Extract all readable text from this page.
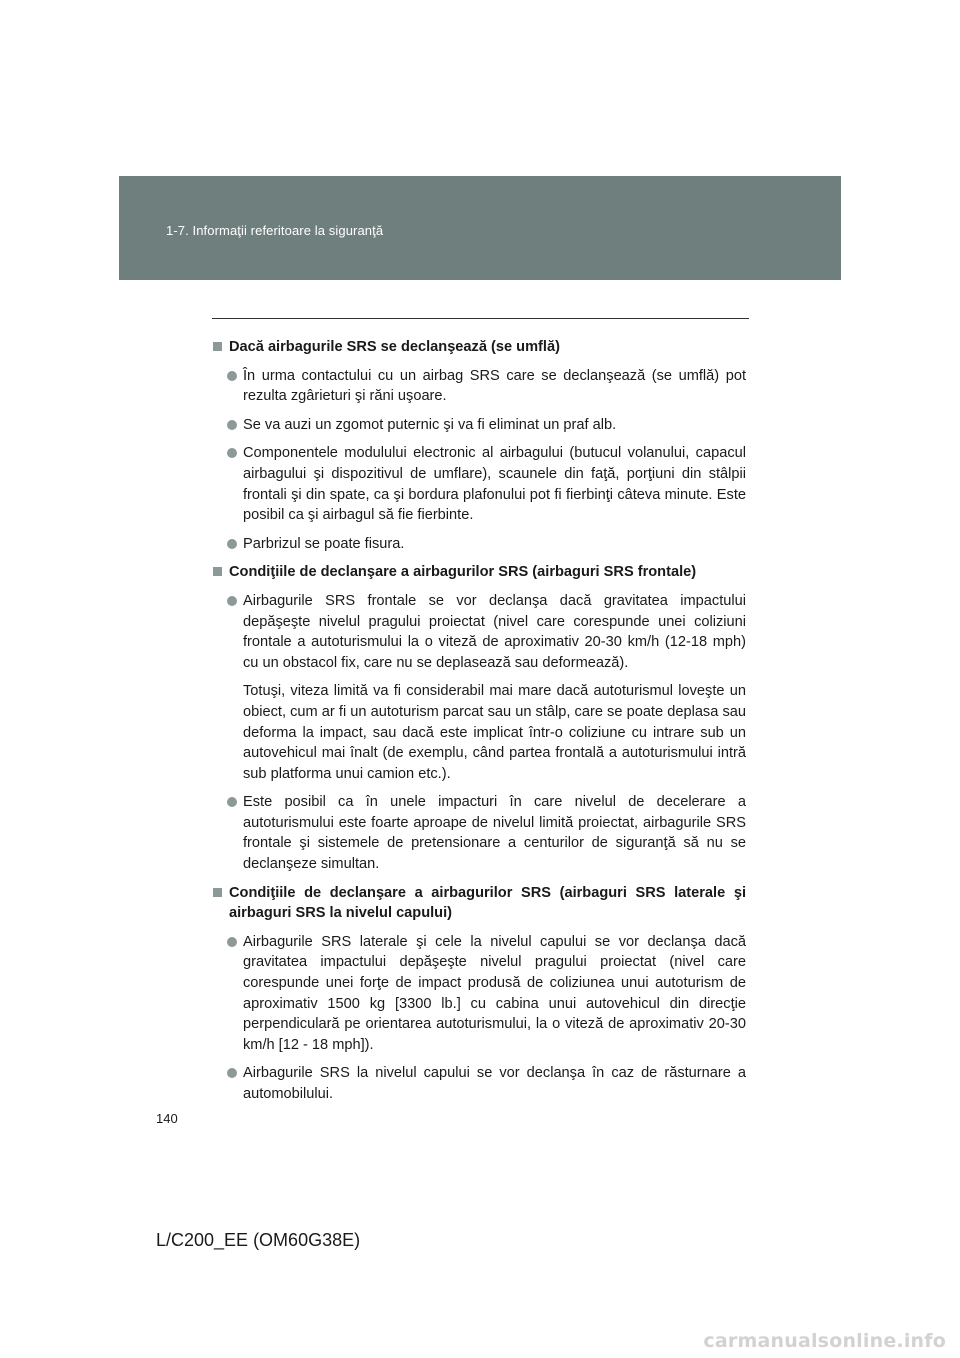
1-7. Informaţii referitoare la siguranţă
Dacă airbagurile SRS se declanşează (se umflă)
În urma contactului cu un airbag SRS care se declanşează (se umflă) pot rezulta zgârieturi şi răni uşoare.
Se va auzi un zgomot puternic şi va fi eliminat un praf alb.
Componentele modulului electronic al airbagului (butucul volanului, capacul airbagului şi dispozitivul de umflare), scaunele din faţă, porţiuni din stâlpii frontali şi din spate, ca şi bordura plafonului pot fi fierbinţi câteva minute. Este posibil ca şi airbagul să fie fierbinte.
Parbrizul se poate fisura.
Condiţiile de declanşare a airbagurilor SRS (airbaguri SRS frontale)
Airbagurile SRS frontale se vor declanşa dacă gravitatea impactului depăşeşte nivelul pragului proiectat (nivel care corespunde unei coliziuni frontale a autoturismului la o viteză de aproximativ 20-30 km/h (12-18 mph) cu un obstacol fix, care nu se deplasează sau deformează).
Totuşi, viteza limită va fi considerabil mai mare dacă autoturismul loveşte un obiect, cum ar fi un autoturism parcat sau un stâlp, care se poate deplasa sau deforma la impact, sau dacă este implicat într-o coliziune cu intrare sub un autovehicul mai înalt (de exemplu, când partea frontală a autoturismului intră sub platforma unui camion etc.).
Este posibil ca în unele impacturi în care nivelul de decelerare a autoturismului este foarte aproape de nivelul limită proiectat, airbagurile SRS frontale şi sistemele de pretensionare a centurilor de siguranţă să nu se declanşeze simultan.
Condiţiile de declanşare a airbagurilor SRS (airbaguri SRS laterale şi airbaguri SRS la nivelul capului)
Airbagurile SRS laterale şi cele la nivelul capului se vor declanşa dacă gravitatea impactului depăşeşte nivelul pragului proiectat (nivel care corespunde unei forţe de impact produsă de coliziunea unui autoturism de aproximativ 1500 kg [3300 lb.] cu cabina unui autovehicul din direcţie perpendiculară pe orientarea autoturismului, la o viteză de aproximativ 20-30 km/h [12 - 18 mph]).
Airbagurile SRS la nivelul capului se vor declanşa în caz de răsturnare a automobilului.
140
L/C200_EE (OM60G38E)
carmanualsonline.info
